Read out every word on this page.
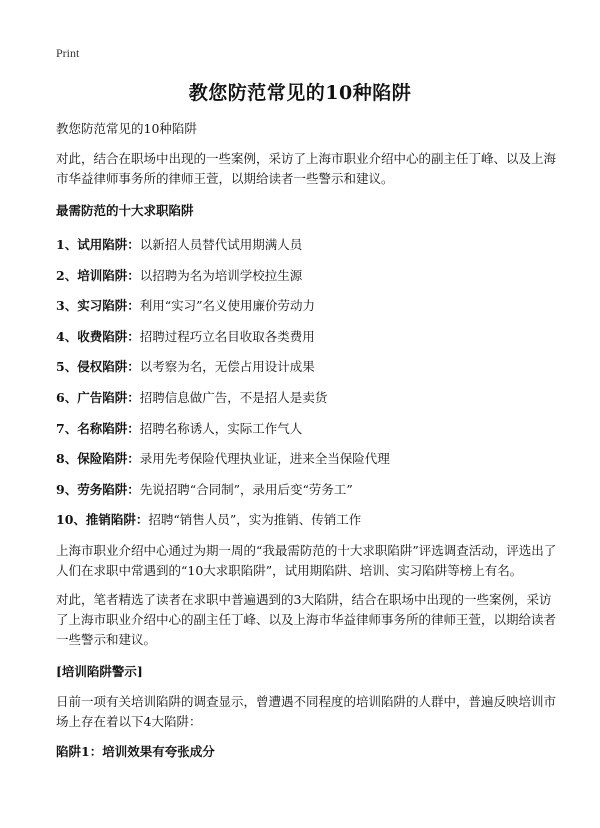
Print
教您防范常见的10种陷阱

教您防范常见的10种陷阱

对此，结合在职场中出现的一些案例，采访了上海市职业介绍中心的副主任丁峰、以及上海市华益律师事务所的律师王萱，以期给读者一些警示和建议。

最需防范的十大求职陷阱
1、试用陷阱：以新招人员替代试用期满人员
2、培训陷阱：以招聘为名为培训学校拉生源
3、实习陷阱：利用“实习”名义使用廉价劳动力
4、收费陷阱：招聘过程巧立名目收取各类费用
5、侵权陷阱：以考察为名，无偿占用设计成果
6、广告陷阱：招聘信息做广告，不是招人是卖货
7、名称陷阱：招聘名称诱人，实际工作气人
8、保险陷阱：录用先考保险代理执业证，进来全当保险代理
9、劳务陷阱：先说招聘“合同制”，录用后变“劳务工”
10、推销陷阱：招聘“销售人员”，实为推销、传销工作

上海市职业介绍中心通过为期一周的“我最需防范的十大求职陷阱”评选调查活动，评选出了人们在求职中常遇到的“10大求职陷阱”，试用期陷阱、培训、实习陷阱等榜上有名。

对此，笔者精选了读者在求职中普遍遇到的3大陷阱，结合在职场中出现的一些案例，采访了上海市职业介绍中心的副主任丁峰、以及上海市华益律师事务所的律师王萱，以期给读者一些警示和建议。

[培训陷阱警示]

日前一项有关培训陷阱的调查显示，曾遭遇不同程度的培训陷阱的人群中，普遍反映培训市场上存在着以下4大陷阱：

陷阱1：培训效果有夸张成分
